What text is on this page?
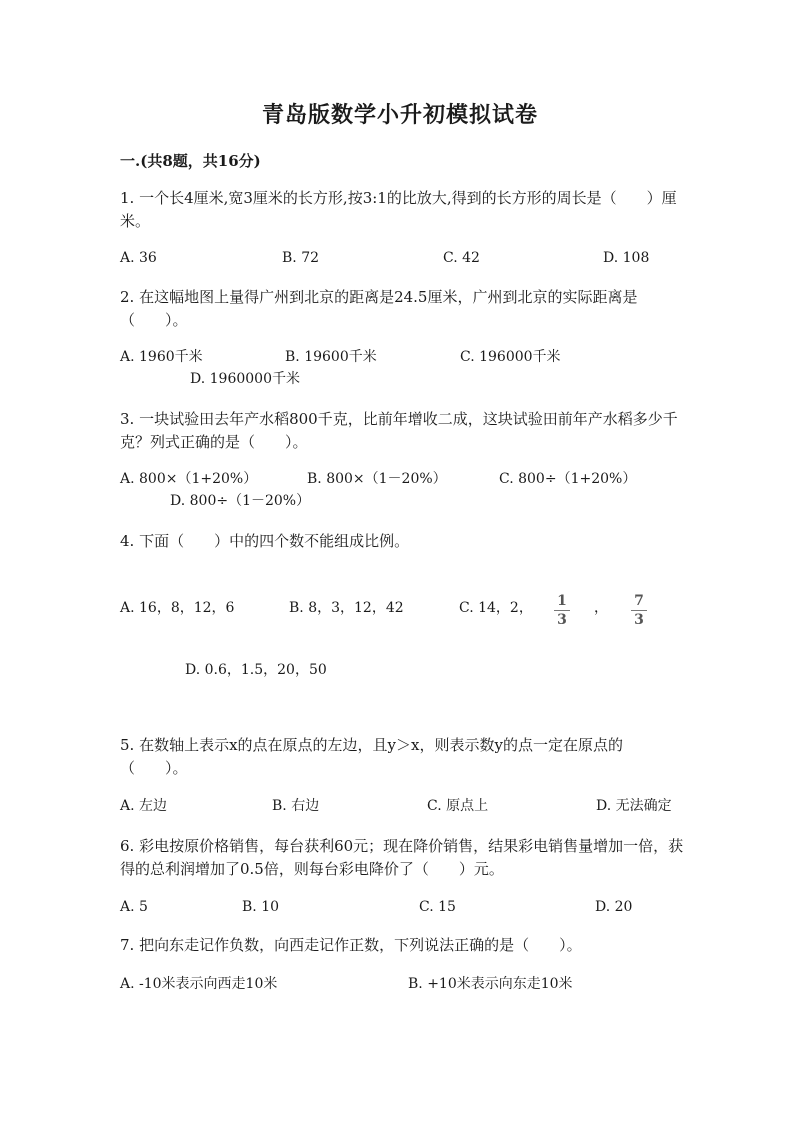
青岛版数学小升初模拟试卷
一.(共8题，共16分)
1. 一个长4厘米,宽3厘米的长方形,按3:1的比放大,得到的长方形的周长是（　　）厘米。
A. 36	B. 72	C. 42	D. 108
2. 在这幅地图上量得广州到北京的距离是24.5厘米，广州到北京的实际距离是（　　）。
A. 1960千米	B. 19600千米	C. 196000千米
D. 1960000千米
3. 一块试验田去年产水稻800千克，比前年增收二成，这块试验田前年产水稻多少千克？列式正确的是（　　）。
A. 800×（1+20%）	B. 800×（1－20%）	C. 800÷（1+20%）
D. 800÷（1－20%）
4. 下面（　　）中的四个数不能组成比例。
A. 16，8，12，6	B. 8，3，12，42	C. 14，2， 1
3
， 7
3
D. 0.6，1.5，20，50
5. 在数轴上表示x的点在原点的左边，且y＞x，则表示数y的点一定在原点的（　　）。
A. 左边	B. 右边	C. 原点上	D. 无法确定
6. 彩电按原价格销售，每台获利60元；现在降价销售，结果彩电销售量增加一倍，获得的总利润增加了0.5倍，则每台彩电降价了（　　）元。
A. 5	B. 10	C. 15	D. 20
7. 把向东走记作负数，向西走记作正数，下列说法正确的是（　　）。
A. -10米表示向西走10米	B. +10米表示向东走10米
